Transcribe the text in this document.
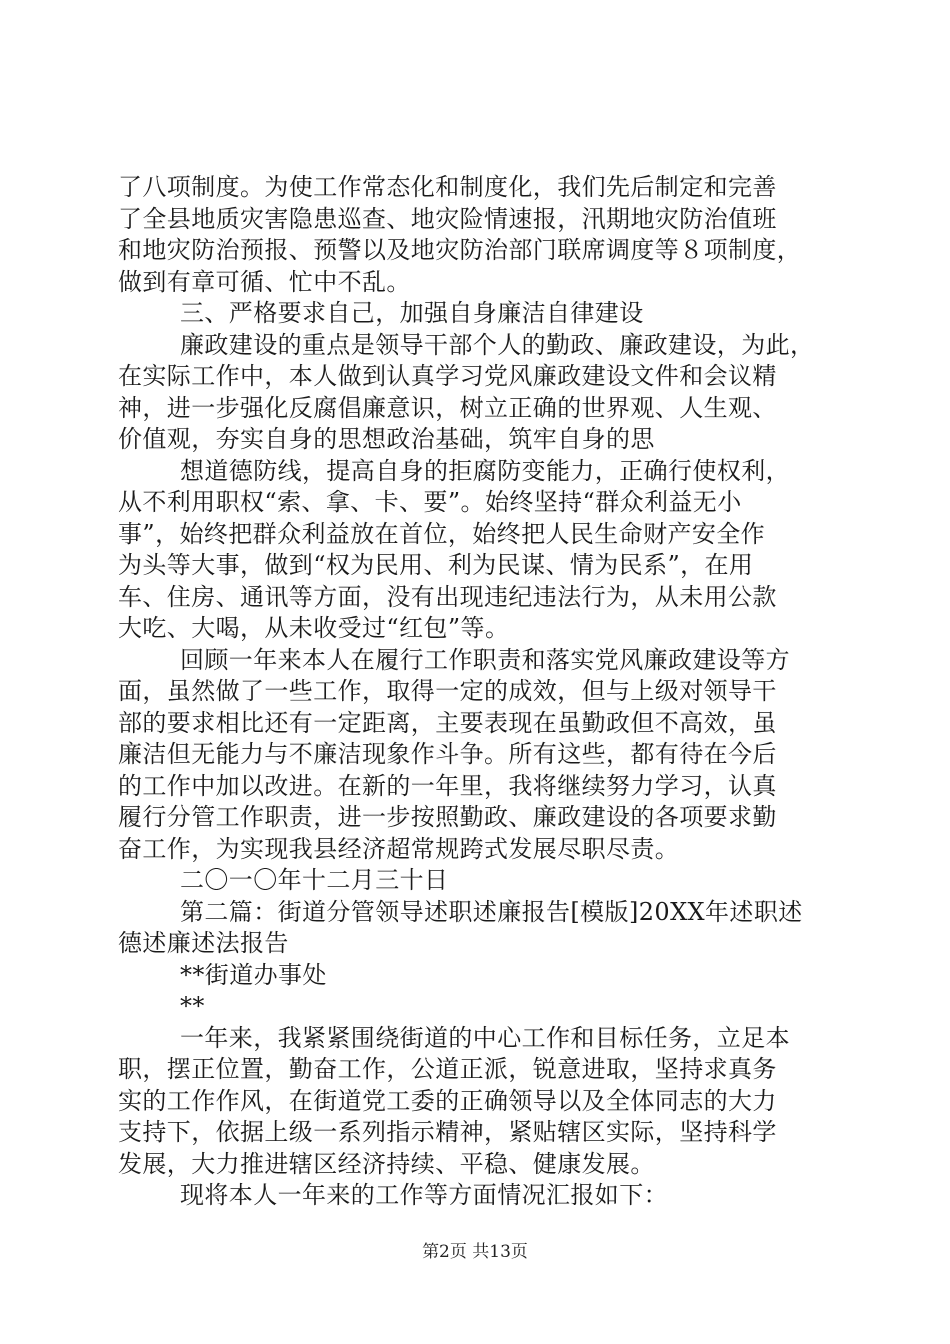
了八项制度。为使工作常态化和制度化，我们先后制定和完善
了全县地质灾害隐患巡查、地灾险情速报，汛期地灾防治值班
和地灾防治预报、预警以及地灾防治部门联席调度等８项制度，
做到有章可循、忙中不乱。
三、严格要求自己，加强自身廉洁自律建设
廉政建设的重点是领导干部个人的勤政、廉政建设，为此，
在实际工作中，本人做到认真学习党风廉政建设文件和会议精
神，进一步强化反腐倡廉意识，树立正确的世界观、人生观、
价值观，夯实自身的思想政治基础，筑牢自身的思
想道德防线，提高自身的拒腐防变能力，正确行使权利，
从不利用职权“索、拿、卡、要”。始终坚持“群众利益无小
事”，始终把群众利益放在首位，始终把人民生命财产安全作
为头等大事，做到“权为民用、利为民谋、情为民系”，在用
车、住房、通讯等方面，没有出现违纪违法行为，从未用公款
大吃、大喝，从未收受过“红包”等。
回顾一年来本人在履行工作职责和落实党风廉政建设等方
面，虽然做了一些工作，取得一定的成效，但与上级对领导干
部的要求相比还有一定距离，主要表现在虽勤政但不高效，虽
廉洁但无能力与不廉洁现象作斗争。所有这些，都有待在今后
的工作中加以改进。在新的一年里，我将继续努力学习，认真
履行分管工作职责，进一步按照勤政、廉政建设的各项要求勤
奋工作，为实现我县经济超常规跨式发展尽职尽责。
二〇一〇年十二月三十日
第二篇：街道分管领导述职述廉报告[模版]20XX年述职述
德述廉述法报告
**街道办事处
**
一年来，我紧紧围绕街道的中心工作和目标任务，立足本
职，摆正位置，勤奋工作，公道正派，锐意进取，坚持求真务
实的工作作风，在街道党工委的正确领导以及全体同志的大力
支持下，依据上级一系列指示精神，紧贴辖区实际，坚持科学
发展，大力推进辖区经济持续、平稳、健康发展。
现将本人一年来的工作等方面情况汇报如下：
第2页 共13页
